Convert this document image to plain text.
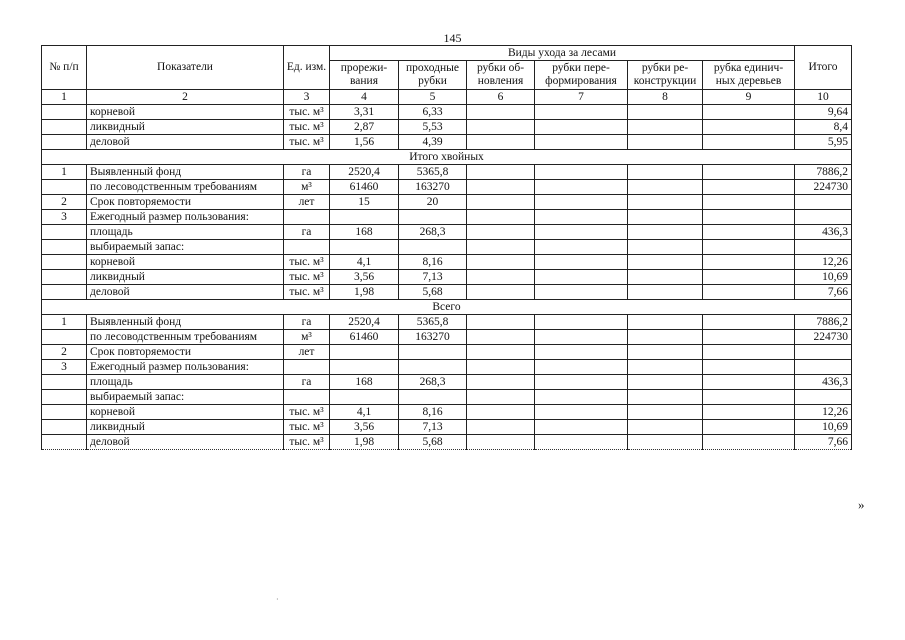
145
№ п/п	Показатели	Ед. изм.	Виды ухода за лесами						Итого
			прорежи- вания	проходные рубки	рубки об- новления	рубки пере- формирования	рубки ре- конструкции	рубка единич- ных деревьев	
1	2	3	4	5	6	7	8	9	10
	корневой	тыс. м³	3,31	6,33					9,64
	ликвидный	тыс. м³	2,87	5,53					8,4
	деловой	тыс. м³	1,56	4,39					5,95
Итого хвойных									
1	Выявленный фонд	га	2520,4	5365,8					7886,2
	по лесоводственным требованиям	м³	61460	163270					224730
2	Срок повторяемости	лет	15	20					
3	Ежегодный размер пользования:								
	площадь	га	168	268,3					436,3
	выбираемый запас:								
	корневой	тыс. м³	4,1	8,16					12,26
	ликвидный	тыс. м³	3,56	7,13					10,69
	деловой	тыс. м³	1,98	5,68					7,66
Всего									
1	Выявленный фонд	га	2520,4	5365,8					7886,2
	по лесоводственным требованиям	м³	61460	163270					224730
2	Срок повторяемости	лет							
3	Ежегодный размер пользования:								
	площадь	га	168	268,3					436,3
	выбираемый запас:								
	корневой	тыс. м³	4,1	8,16					12,26
	ликвидный	тыс. м³	3,56	7,13					10,69
	деловой	тыс. м³	1,98	5,68					7,66
»
·
